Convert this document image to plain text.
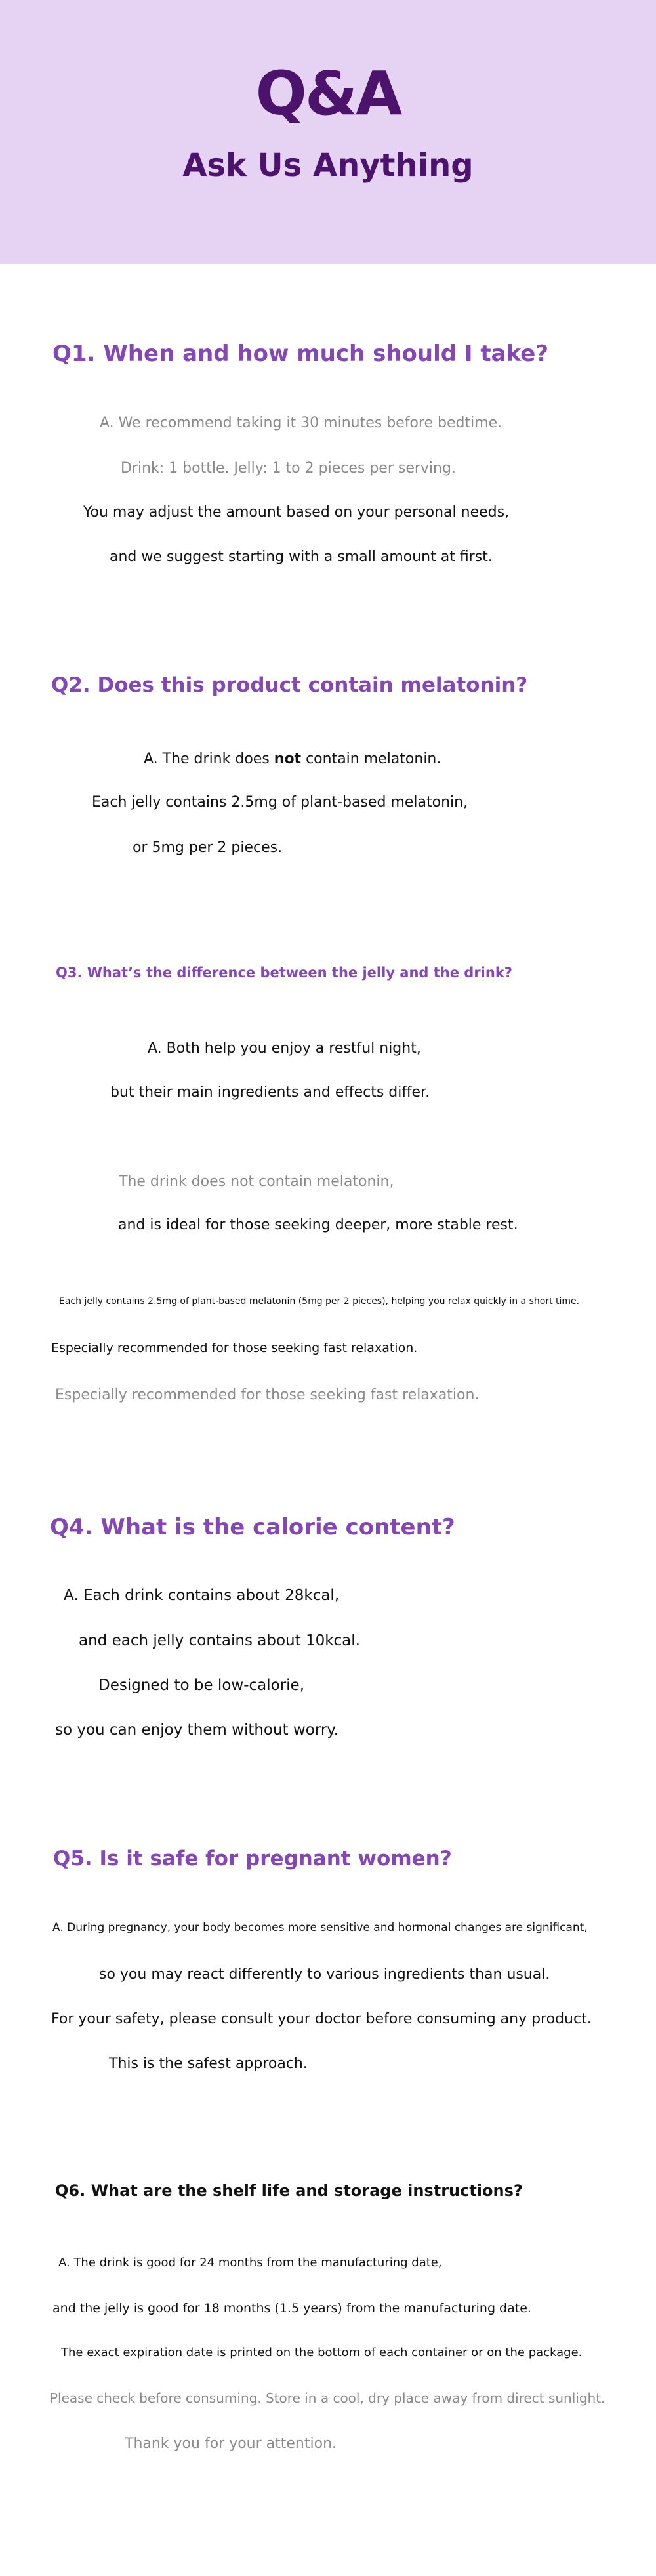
Q&A
Ask Us Anything

Q1. When and how much should I take?

A. We recommend taking it 30 minutes before bedtime.

Drink: 1 bottle. Jelly: 1 to 2 pieces per serving.

You may adjust the amount based on your personal needs,

and we suggest starting with a small amount at first.

Q2. Does this product contain melatonin?

A. The drink does not contain melatonin.

Each jelly contains 2.5mg of plant-based melatonin,

or 5mg per 2 pieces.

Q3. What’s the difference between the jelly and the drink?

A. Both help you enjoy a restful night,

but their main ingredients and effects differ.

The drink does not contain melatonin,

and is ideal for those seeking deeper, more stable rest.

Each jelly contains 2.5mg of plant-based melatonin (5mg per 2 pieces), helping you relax quickly in a short time.

Especially recommended for those seeking fast relaxation.

Especially recommended for those seeking fast relaxation.

Q4. What is the calorie content?

A. Each drink contains about 28kcal,

and each jelly contains about 10kcal.

Designed to be low-calorie,

so you can enjoy them without worry.

Q5. Is it safe for pregnant women?

A. During pregnancy, your body becomes more sensitive and hormonal changes are significant,

so you may react differently to various ingredients than usual.

For your safety, please consult your doctor before consuming any product.

This is the safest approach.

Q6. What are the shelf life and storage instructions?

A. The drink is good for 24 months from the manufacturing date,

and the jelly is good for 18 months (1.5 years) from the manufacturing date.

The exact expiration date is printed on the bottom of each container or on the package.

Please check before consuming. Store in a cool, dry place away from direct sunlight.

Thank you for your attention.
